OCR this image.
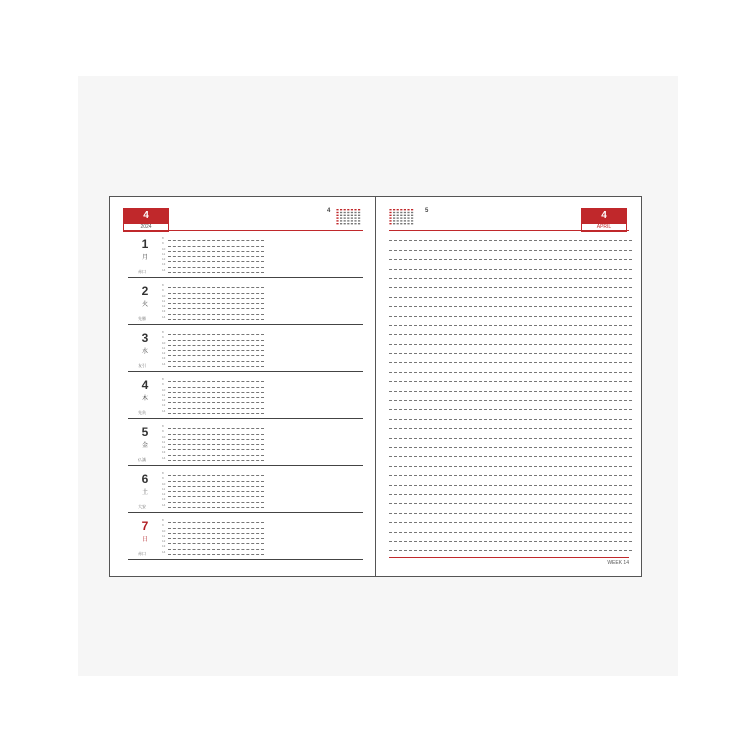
4
2024
4
1
月
赤口
8
9
10
11
12
13
14
2
火
先勝
8
9
10
11
12
13
14
3
水
友引
8
9
10
11
12
13
14
4
木
先負
8
9
10
11
12
13
14
5
金
仏滅
8
9
10
11
12
13
14
6
土
大安
8
9
10
11
12
13
14
7
日
赤口
8
9
10
11
12
13
14
5	4
APRIL
WEEK 14
